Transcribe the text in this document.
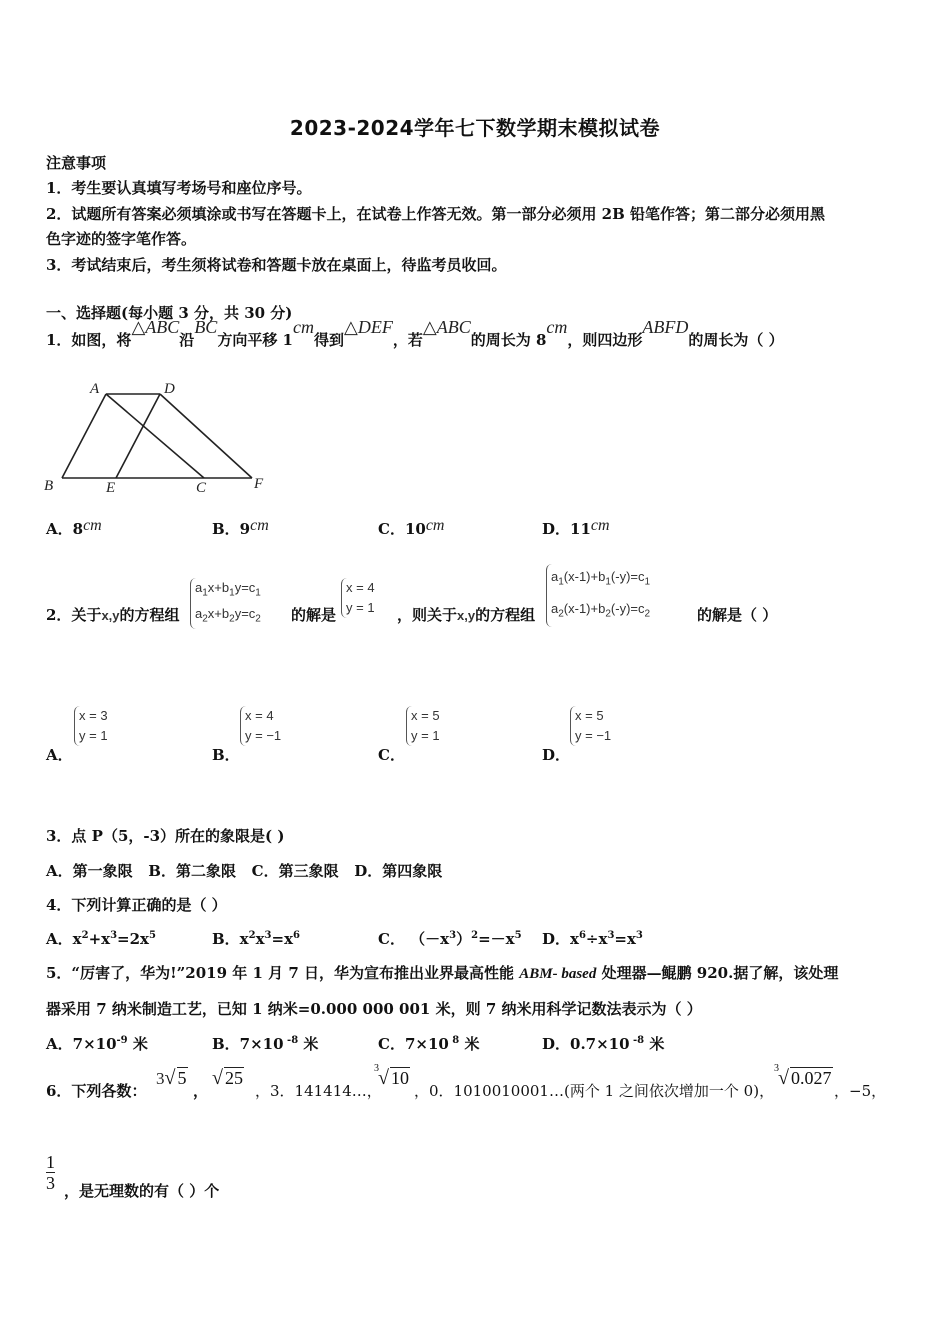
2023-2024学年七下数学期末模拟试卷
注意事项
1．考生要认真填写考场号和座位序号。
2．试题所有答案必须填涂或书写在答题卡上，在试卷上作答无效。第一部分必须用 2B 铅笔作答；第二部分必须用黑
色字迹的签字笔作答。
3．考试结束后，考生须将试卷和答题卡放在桌面上，待监考员收回。
一、选择题(每小题 3 分，共 30 分)
1．如图，将△ABC沿BC方向平移 1cm得到△DEF，若△ABC的周长为 8cm，则四边形ABFD的周长为（ ）
A	D
B	E	C	F
A．8cm	B．9cm	C．10cm	D．11cm
2．关于x,y的方程组
$a_1x+b_1y=c_1$
$a_2x+b_2y=c_2$ 的解是
x = 4
y = 1 ，则关于x,y的方程组
$a_1(x-1)+b_1(-y)=c_1$
$a_2(x-1)+b_2(-y)=c_2$	的解是（ ）
A．
x = 3
y = 1
B．
x = 4
y = −1
C．
x = 5
y = 1
D．
x = 5
y = −1
3．点 P（5，-3）所在的象限是( )
A．第一象限   B．第二象限   C．第三象限   D．第四象限
4．下列计算正确的是（ ）
A．$x^2+x^3=2x^5$	B．$x^2x^3=x^6$	C． $(-x^3)^2=-x^5$ D．$x^6\div x^3=x^3$
5．“厉害了，华为!”2019 年 1 月 7 日，华为宣布推出业界最高性能 ABM- based 处理器—鲲鹏 920.据了解，该处理
器采用 7 纳米制造工艺，已知 1 纳米=0.000 000 001 米，则 7 纳米用科学记数法表示为（ ）
A．$7\times 10^{-9}$ 米	B．7×10 $^{-8}$ 米	C．7×10 $^8$ 米	D．0.7×10 $^{-8}$ 米
6．下列各数：
3 √ 5
，
√ 25
，3．141414…，
3 √ 10
，0．1010010001…(两个 1 之间依次增加一个 0)，
3 √ 0.027
，−5，
$\frac{1}{3}$ ，是无理数的有（ ）个
